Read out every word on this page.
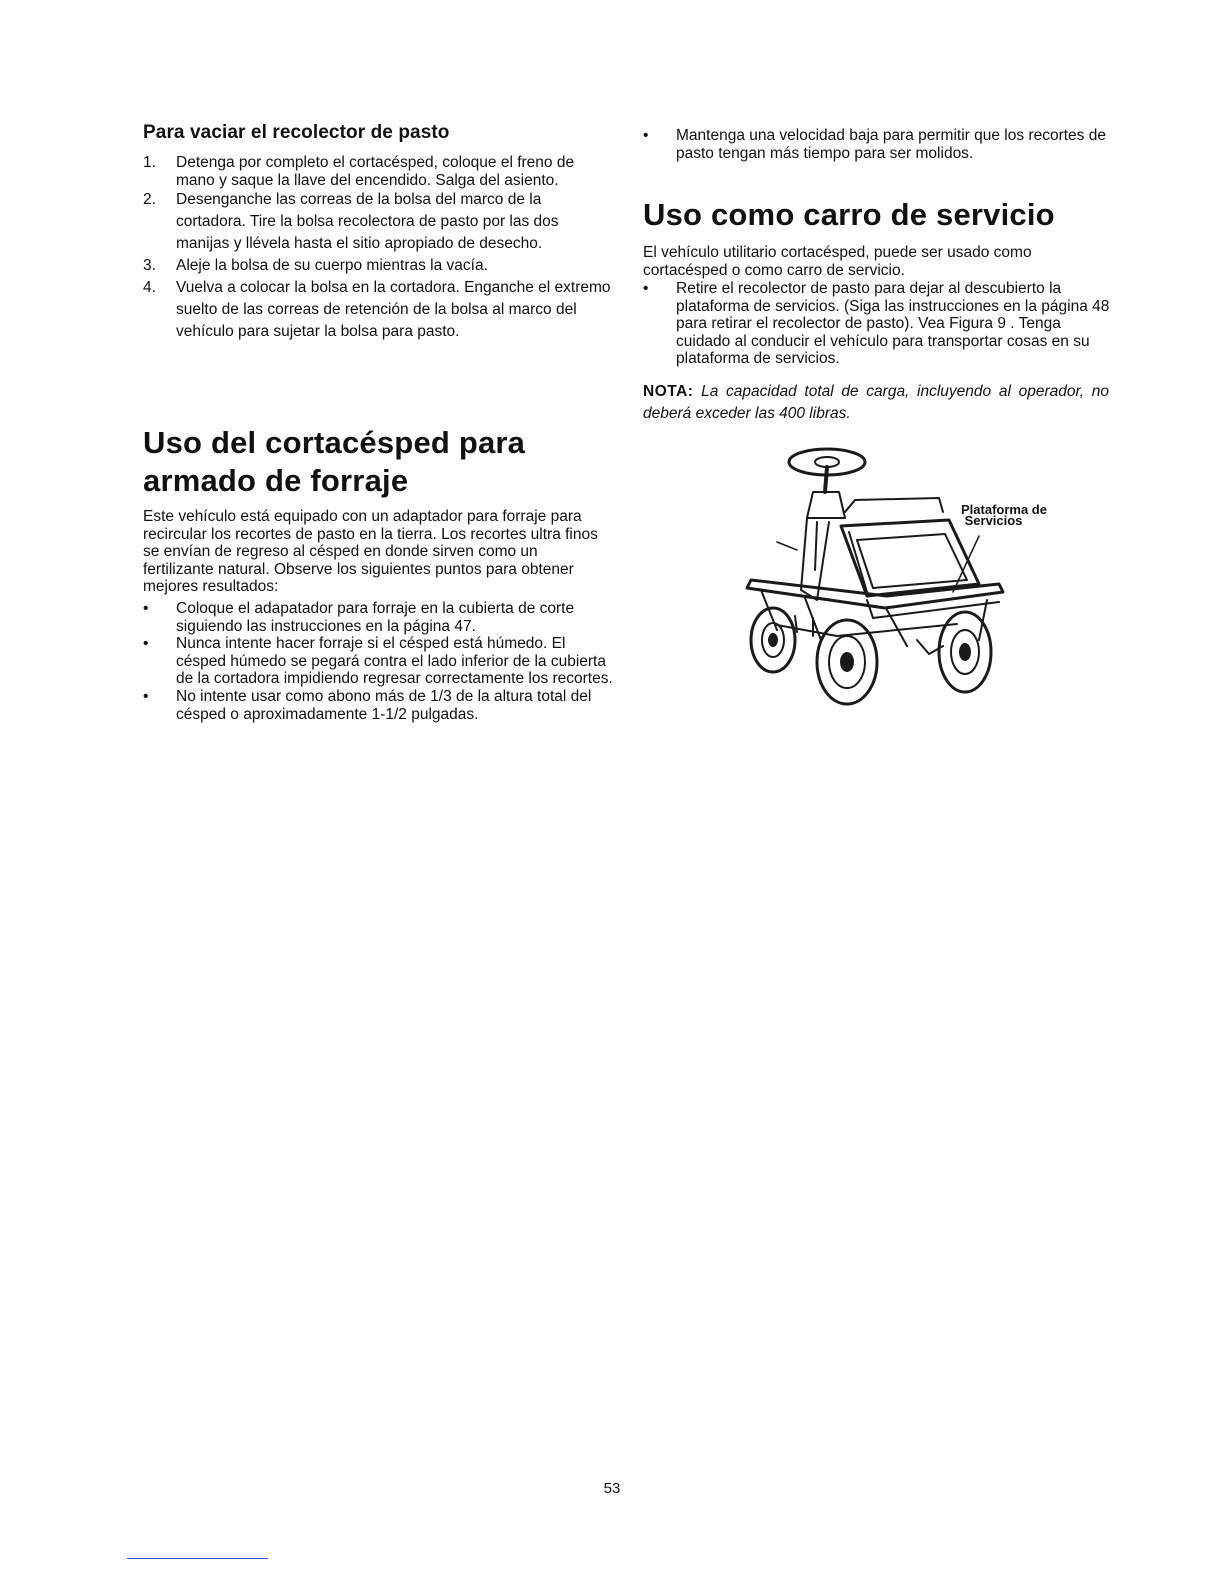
Para vaciar el recolector de pasto
1. Detenga por completo el cortacésped, coloque el freno de mano y saque la llave del encendido. Salga del asiento.
2. Desenganche las correas de la bolsa del marco de la cortadora. Tire la bolsa recolectora de pasto por las dos manijas y llévela hasta el sitio apropiado de desecho.
3. Aleje la bolsa de su cuerpo mientras la vacía.
4. Vuelva a colocar la bolsa en la cortadora. Enganche el extremo suelto de las correas de retención de la bolsa al marco del vehículo para sujetar la bolsa para pasto.
Uso del cortacésped para armado de forraje

Este vehículo está equipado con un adaptador para forraje para recircular los recortes de pasto en la tierra. Los recortes ultra finos se envían de regreso al césped en donde sirven como un fertilizante natural. Observe los siguientes puntos para obtener mejores resultados:

• Coloque el adapatador para forraje en la cubierta de corte siguiendo las instrucciones en la página 47.
• Nunca intente hacer forraje si el césped está húmedo. El césped húmedo se pegará contra el lado inferior de la cubierta de la cortadora impidiendo regresar correctamente los recortes.
• No intente usar como abono más de 1/3 de la altura total del césped o aproximadamente 1-1/2 pulgadas.
• Mantenga una velocidad baja para permitir que los recortes de pasto tengan más tiempo para ser molidos.
Uso como carro de servicio

El vehículo utilitario cortacésped, puede ser usado como cortacésped o como carro de servicio.

• Retire el recolector de pasto para dejar al descubierto la plataforma de servicios. (Siga las instrucciones en la página 48 para retirar el recolector de pasto). Vea Figura 9 . Tenga cuidado al conducir el vehículo para transportar cosas en su plataforma de servicios.

NOTA: La capacidad total de carga, incluyendo al operador, no deberá exceder las 400 libras.

Plataforma de
Servicios

53
